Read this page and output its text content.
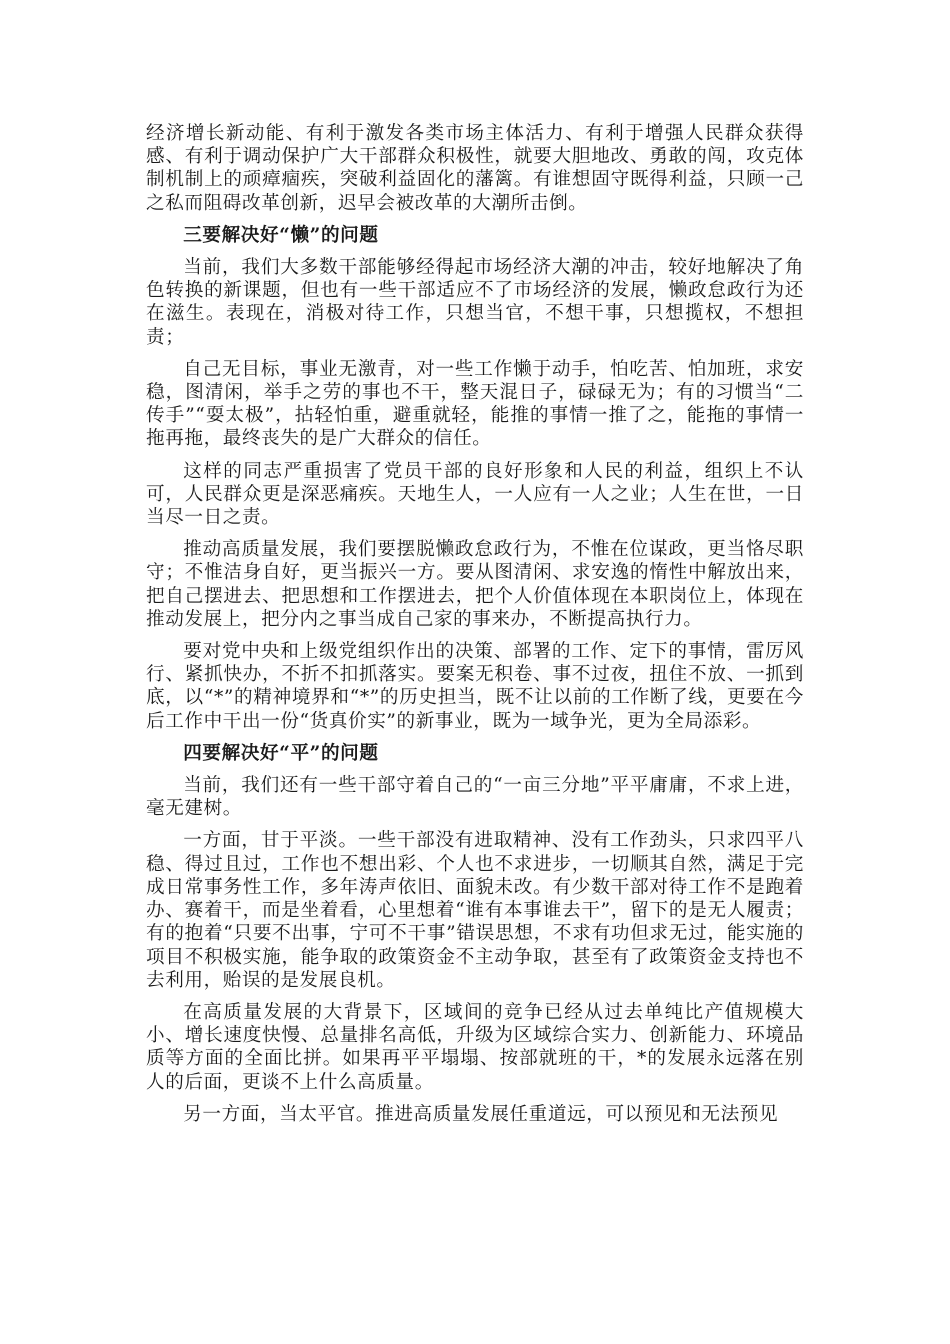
经济增长新动能、有利于激发各类市场主体活力、有利于增强人民群众获得感、有利于调动保护广大干部群众积极性，就要大胆地改、勇敢的闯，攻克体制机制上的顽瘴痼疾，突破利益固化的藩篱。有谁想固守既得利益，只顾一己之私而阻碍改革创新，迟早会被改革的大潮所击倒。

三要解决好“懒”的问题

当前，我们大多数干部能够经得起市场经济大潮的冲击，较好地解决了角色转换的新课题，但也有一些干部适应不了市场经济的发展，懒政怠政行为还在滋生。表现在，消极对待工作，只想当官，不想干事，只想揽权，不想担责；

自己无目标，事业无激青，对一些工作懒于动手，怕吃苦、怕加班，求安稳，图清闲，举手之劳的事也不干，整天混日子，碌碌无为；有的习惯当“二传手”“耍太极”，拈轻怕重，避重就轻，能推的事情一推了之，能拖的事情一拖再拖，最终丧失的是广大群众的信任。

这样的同志严重损害了党员干部的良好形象和人民的利益，组织上不认可，人民群众更是深恶痛疾。天地生人，一人应有一人之业；人生在世，一日当尽一日之责。

推动高质量发展，我们要摆脱懒政怠政行为，不惟在位谋政，更当恪尽职守；不惟洁身自好，更当振兴一方。要从图清闲、求安逸的惰性中解放出来，把自己摆进去、把思想和工作摆进去，把个人价值体现在本职岗位上，体现在推动发展上，把分内之事当成自己家的事来办，不断提高执行力。

要对党中央和上级党组织作出的决策、部署的工作、定下的事情，雷厉风行、紧抓快办，不折不扣抓落实。要案无积卷、事不过夜，扭住不放、一抓到底，以“*”的精神境界和“*”的历史担当，既不让以前的工作断了线，更要在今后工作中干出一份“货真价实”的新事业，既为一域争光，更为全局添彩。

四要解决好“平”的问题

当前，我们还有一些干部守着自己的“一亩三分地”平平庸庸，不求上进，毫无建树。

一方面，甘于平淡。一些干部没有进取精神、没有工作劲头，只求四平八稳、得过且过，工作也不想出彩、个人也不求进步，一切顺其自然，满足于完成日常事务性工作，多年涛声依旧、面貌未改。有少数干部对待工作不是跑着办、赛着干，而是坐着看，心里想着“谁有本事谁去干”，留下的是无人履责；有的抱着“只要不出事，宁可不干事”错误思想，不求有功但求无过，能实施的项目不积极实施，能争取的政策资金不主动争取，甚至有了政策资金支持也不去利用，贻误的是发展良机。

在高质量发展的大背景下，区域间的竞争已经从过去单纯比产值规模大小、增长速度快慢、总量排名高低，升级为区域综合实力、创新能力、环境品质等方面的全面比拼。如果再平平塌塌、按部就班的干，*的发展永远落在别人的后面，更谈不上什么高质量。

另一方面，当太平官。推进高质量发展任重道远，可以预见和无法预见
